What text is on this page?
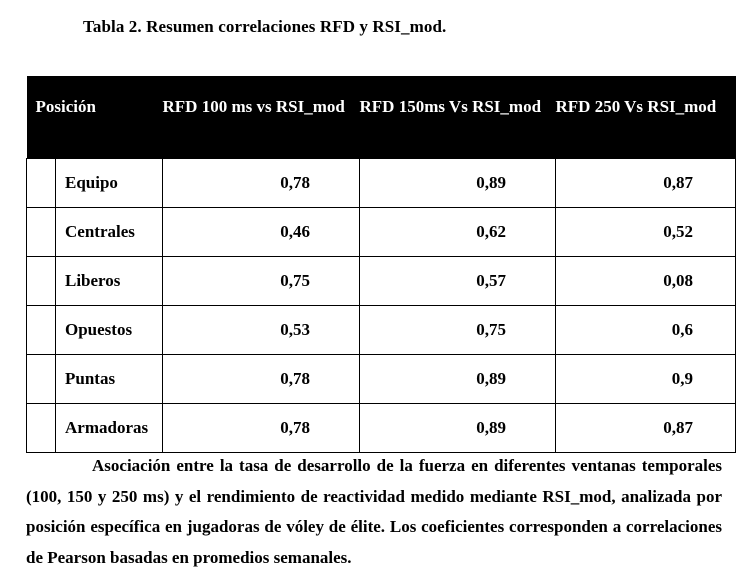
Tabla 2. Resumen correlaciones RFD y RSI_mod.
Posición		RFD 100 ms vs RSI_mod	RFD 150ms Vs RSI_mod	RFD 250 Vs RSI_mod
	Equipo	0,78	0,89	0,87
	Centrales	0,46	0,62	0,52
	Liberos	0,75	0,57	0,08
	Opuestos	0,53	0,75	0,6
	Puntas	0,78	0,89	0,9
	Armadoras	0,78	0,89	0,87
Asociación entre la tasa de desarrollo de la fuerza en diferentes ventanas temporales (100, 150 y 250 ms) y el rendimiento de reactividad medido mediante RSI_mod, analizada por posición específica en jugadoras de vóley de élite. Los coeficientes corresponden a correlaciones de Pearson basadas en promedios semanales.
